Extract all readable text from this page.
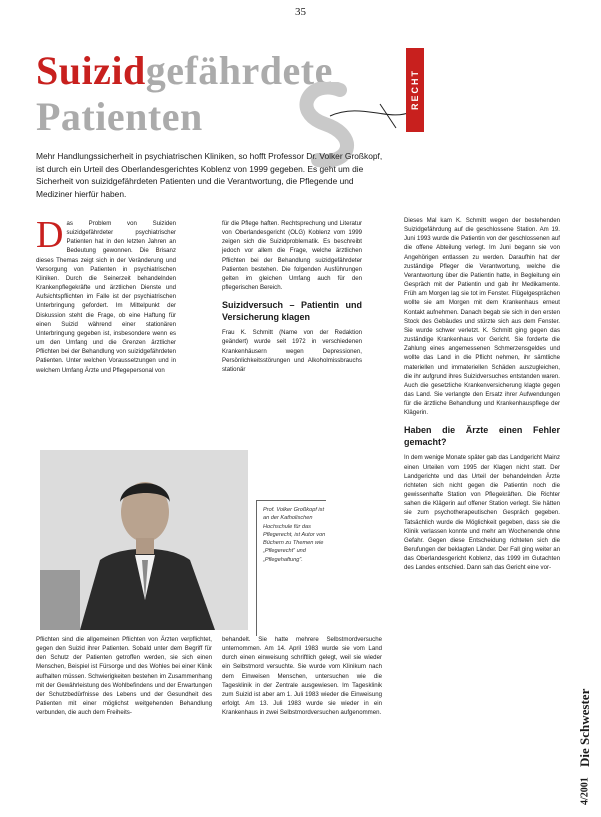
35
Suizidgefährdete
Patienten
RECHT
Mehr Handlungssicherheit in psychiatrischen Kliniken, so hofft Professor Dr. Volker Großkopf, ist durch ein Urteil des Oberlandesgerichtes Koblenz von 1999 gegeben. Es geht um die Sicherheit von suizidgefährdeten Patienten und die Verantwortung, die Pflegende und Mediziner hierfür haben.
Das Problem von Suiziden suizidgefährdeter psychiatrischer Patienten hat in den letzten Jahren an Bedeutung gewonnen. Die Brisanz dieses Themas zeigt sich in der Veränderung und Versorgung von Patienten in psychiatrischen Kliniken. Durch die Seinerzeit behandelnden Krankenpflegekräfte und ärztlichen Dienste und Aufsichtspflichten im Falle ist der psychiatrischen Unterbringung gefordert. Im Mittelpunkt der Diskussion steht die Frage, ob eine Haftung für einen Suizid während einer stationären Unterbringung gegeben ist, insbesondere wenn es um den Umfang und die Grenzen ärztlicher Pflichten bei der Behandlung von suizidgefährdeten Patienten. Unter welchen Voraussetzungen und in welchem Umfang Ärzte und Pflegepersonal von

für die Pflege haften. Rechtsprechung und Literatur von Oberlandesgericht (OLG) Koblenz vom 1999 zeigen sich die Suizidproblematik. Es beschreibt jedoch vor allem die Frage, welche ärztlichen Pflichten bei der Behandlung suizidgefährdeter Patienten bestehen. Die folgenden Ausführungen gelten im gleichen Umfang auch für den pflegerischen Bereich.

Suizidversuch – Patientin und Versicherung klagen

Frau K. Schmitt (Name von der Redaktion geändert) wurde seit 1972 in verschiedenen Krankenhäusern wegen Depressionen, Persönlichkeitsstörungen und Alkoholmissbrauchs stationär

Dieses Mal kam K. Schmitt wegen der bestehenden Suizidgefährdung auf die geschlossene Station. Am 19. Juni 1993 wurde die Patientin von der geschlossenen auf die offene Abteilung verlegt. Im Juni begann sie von Angehörigen entlassen zu werden. Daraufhin hat der zuständige Pfleger die Verantwortung, welche die Verantwortung über die Patientin hatte, in Begleitung ein Gespräch mit der Patientin und gab ihr Medikamente. Früh am Morgen lag sie tot im Fenster. Flügelgesprächen wollte sie am Morgen mit dem Krankenhaus erneut Kontakt aufnehmen. Danach begab sie sich in den ersten Stock des Gebäudes und stürzte sich aus dem Fenster. Sie wurde schwer verletzt. K. Schmitt ging gegen das zuständige Krankenhaus vor Gericht. Sie forderte die Zahlung eines angemessenen Schmerzensgeldes und wollte das Land in die Pflicht nehmen, ihr sämtliche materiellen und immateriellen Schäden auszugleichen, die ihr aufgrund ihres Suizidversuches entstanden waren. Auch die gesetzliche Krankenversicherung klagte gegen das Land. Sie verlangte den Ersatz ihrer Aufwendungen für die ärztliche Behandlung und Krankenhauspflege der Klägerin.

Haben die Ärzte einen Fehler gemacht?

In dem wenige Monate später gab das Landgericht Mainz einen Urteilen vom 1995 der Klagen nicht statt. Der Landgerichte und das Urteil der behandelnden Ärzte richteten sich nicht gegen die Patientin noch die gewissenhafte Station von Pflegekräften. Die Richter sahen die Klägerin auf offener Station verlegt. Sie hätten sie zum psychotherapeutischen Gespräch gegeben. Tatsächlich wurde die Möglichkeit gegeben, dass sie die Klinik verlassen konnte und mehr am Wochenende ohne Gefahr. Gegen diese Entscheidung richteten sich die Berufungen der beklagten Länder. Der Fall ging weiter an das Oberlandesgericht Koblenz, das 1999 im Gutachten des Landes entschied. Dann sah das Gericht eine vor-

Prof. Volker Großkopf ist an der Katholischen Hochschule für das Pflegerecht, ist Autor von Büchern zu Themen wie „Pflegerecht“ und „Pflegehaftung“.

Pflichten sind die allgemeinen Pflichten von Ärzten verpflichtet, gegen den Suizid ihrer Patienten. Sobald unter dem Begriff für den Schutz der Patienten getroffen werden, sie sich einen Menschen, Beispiel ist Fürsorge und des Wohles bei einer Klinik aufhalten müssen. Schwierigkeiten bestehen im Zusammenhang mit der Gewährleistung des Wohlbefindens und der Erwartungen der Schutzbedürfnisse des Lebens und der Gesundheit des Patienten mit einer möglichst weitgehenden Behandlung verbunden, die auch dem Freiheits-

behandelt. Sie hatte mehrere Selbstmordversuche unternommen. Am 14. April 1983 wurde sie vom Land durch einen einweisung schriftlich gelegt, weil sie wieder ein Selbstmord versuchte. Sie wurde vom Klinikum nach dem Einweisen Menschen, untersuchen wie die Tagesklinik in der Zentrale ausgewiesen. Im Tagesklinik zum Suizid ist aber am 1. Juli 1983 wieder die Einweisung erfolgt. Am 13. Juli 1983 wurde sie wieder in ein Krankenhaus in zwei Selbstmordversuchen aufgenommen.

4/2001
Die Schwester
